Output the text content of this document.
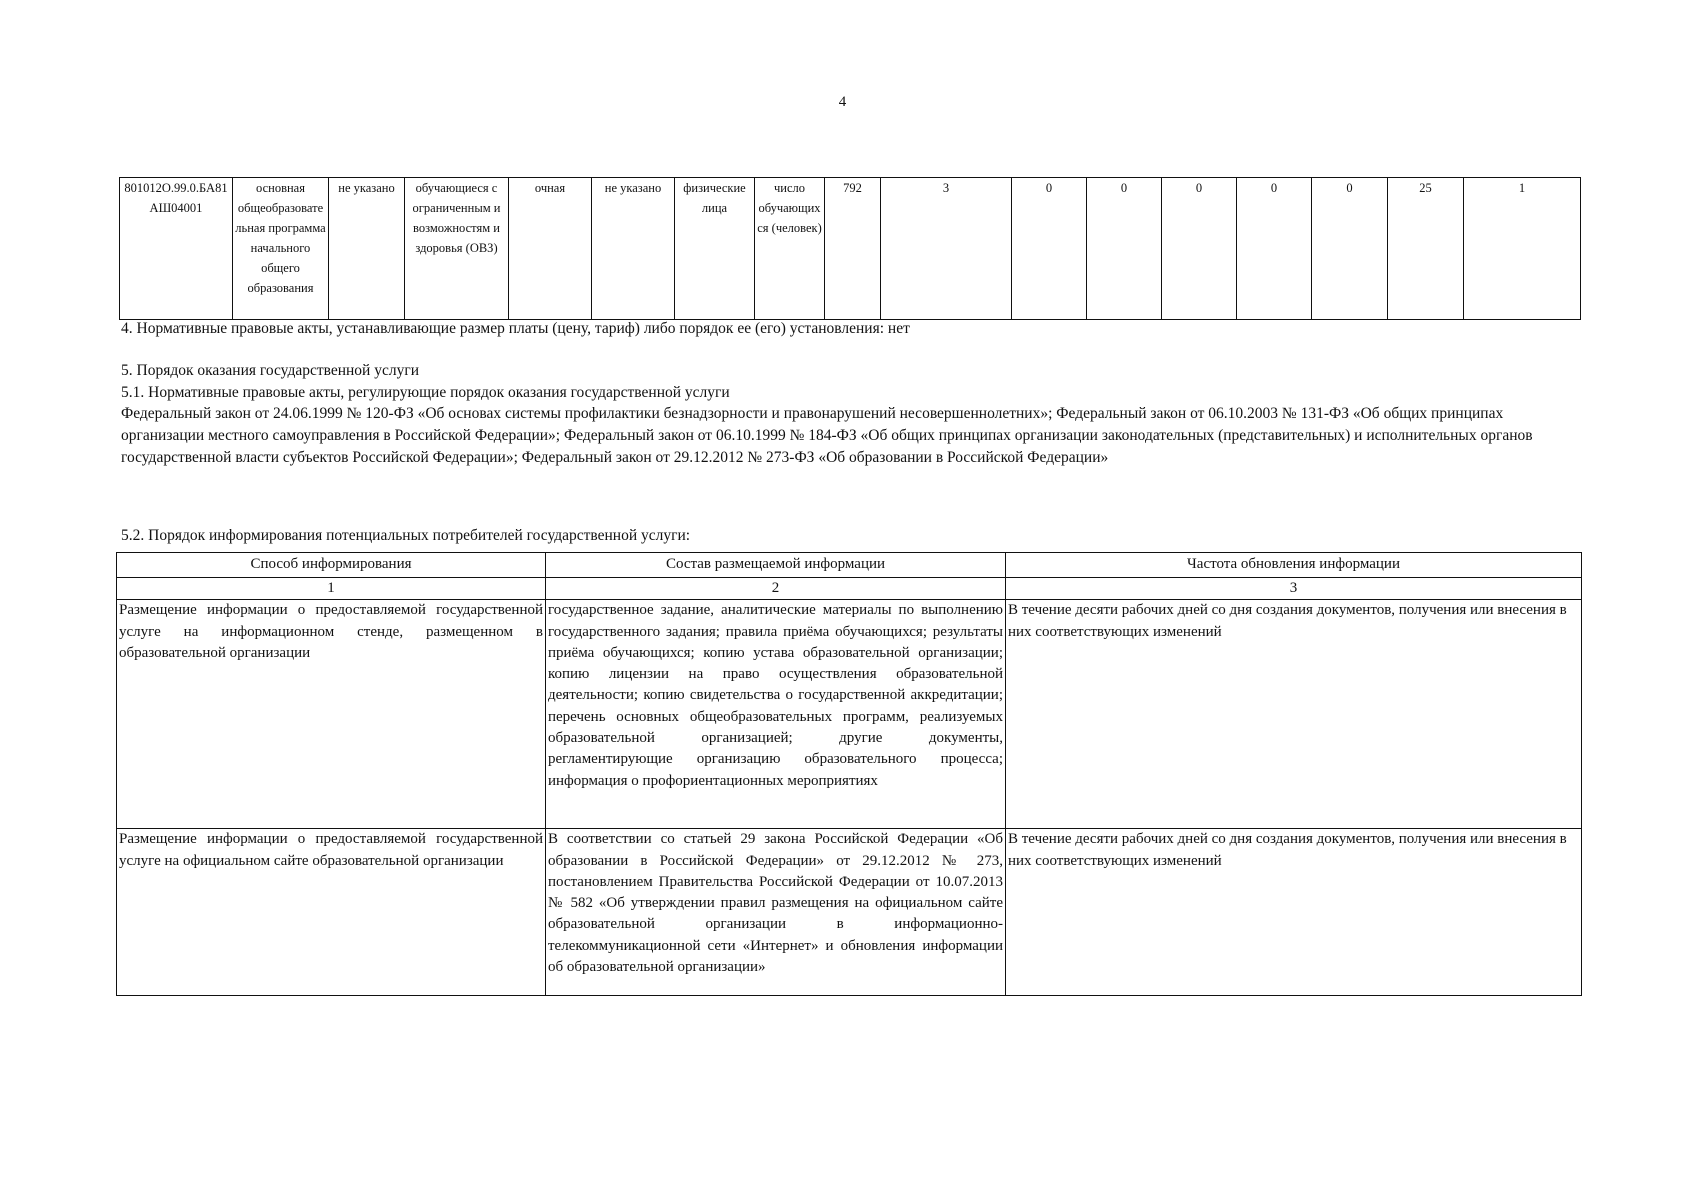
4
801012О.99.0.БА81АШ04001	основная общеобразовательная программа начального общего образования	не указано	обучающиеся с ограниченным и возможностям и здоровья (ОВЗ)	очная	не указано	физические лица	число обучающихся (человек)	792	3	0	0	0	0	0	25	1
4. Нормативные правовые акты, устанавливающие размер платы (цену, тариф) либо порядок ее (его) установления: нет
5. Порядок оказания государственной услуги
5.1. Нормативные правовые акты, регулирующие порядок оказания государственной услуги
Федеральный закон от 24.06.1999 № 120-ФЗ «Об основах системы профилактики безнадзорности и правонарушений несовершеннолетних»; Федеральный закон от 06.10.2003 № 131-ФЗ «Об общих принципах организации местного самоуправления в Российской Федерации»; Федеральный закон от 06.10.1999 № 184-ФЗ «Об общих принципах организации законодательных (представительных) и исполнительных органов государственной власти субъектов Российской Федерации»; Федеральный закон от 29.12.2012 № 273-ФЗ «Об образовании в Российской Федерации»
5.2. Порядок информирования потенциальных потребителей государственной услуги:
Способ информирования	Состав размещаемой информации	Частота обновления информации
1	2	3
Размещение информации о предоставляемой государственной услуге на информационном стенде, размещенном в образовательной организации	государственное задание, аналитические материалы по выполнению государственного задания; правила приёма обучающихся; результаты приёма обучающихся; копию устава образовательной организации; копию лицензии на право осуществления образовательной деятельности; копию свидетельства о государственной аккредитации; перечень основных общеобразовательных программ, реализуемых образовательной организацией; другие документы, регламентирующие организацию образовательного процесса; информация о профориентационных мероприятиях	В течение десяти рабочих дней со дня создания документов, получения или внесения в них соответствующих изменений
Размещение информации о предоставляемой государственной услуге на официальном сайте образовательной организации	В соответствии со статьей 29 закона Российской Федерации «Об образовании в Российской Федерации» от 29.12.2012 № 273, постановлением Правительства Российской Федерации от 10.07.2013 № 582 «Об утверждении правил размещения на официальном сайте образовательной организации в информационно-телекоммуникационной сети «Интернет» и обновления информации об образовательной организации»	В течение десяти рабочих дней со дня создания документов, получения или внесения в них соответствующих изменений
